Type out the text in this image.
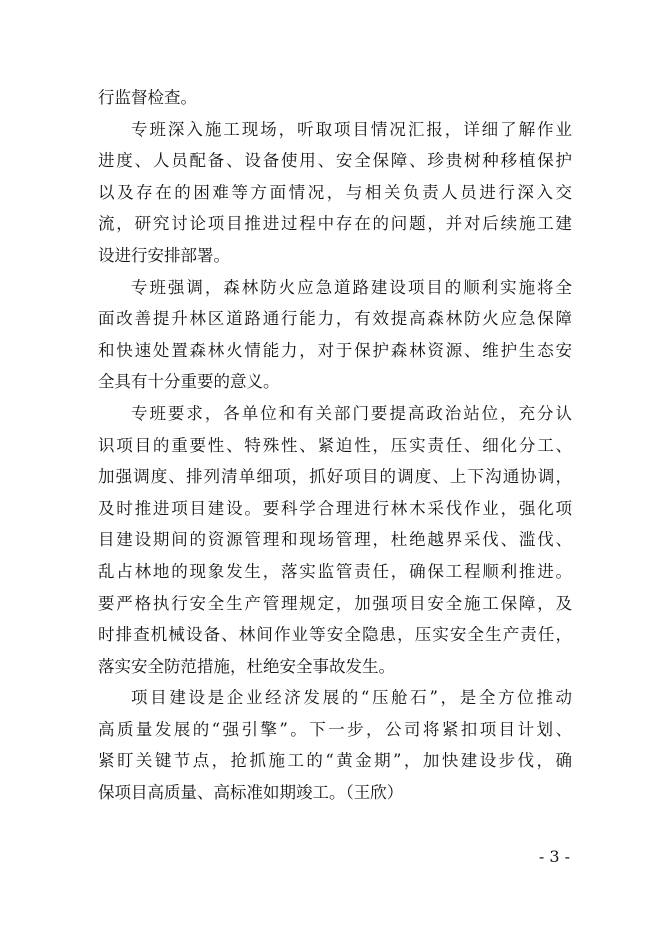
行监督检查。
专班深入施工现场，听取项目情况汇报，详细了解作业
进度、人员配备、设备使用、安全保障、珍贵树种移植保护
以及存在的困难等方面情况，与相关负责人员进行深入交
流，研究讨论项目推进过程中存在的问题，并对后续施工建
设进行安排部署。
专班强调，森林防火应急道路建设项目的顺利实施将全
面改善提升林区道路通行能力，有效提高森林防火应急保障
和快速处置森林火情能力，对于保护森林资源、维护生态安
全具有十分重要的意义。
专班要求，各单位和有关部门要提高政治站位，充分认
识项目的重要性、特殊性、紧迫性，压实责任、细化分工、
加强调度、排列清单细项，抓好项目的调度、上下沟通协调，
及时推进项目建设。要科学合理进行林木采伐作业，强化项
目建设期间的资源管理和现场管理，杜绝越界采伐、滥伐、
乱占林地的现象发生，落实监管责任，确保工程顺利推进。
要严格执行安全生产管理规定，加强项目安全施工保障，及
时排查机械设备、林间作业等安全隐患，压实安全生产责任，
落实安全防范措施，杜绝安全事故发生。
项目建设是企业经济发展的“压舱石”，是全方位推动
高质量发展的“强引擎”。下一步，公司将紧扣项目计划、
紧盯关键节点，抢抓施工的“黄金期”，加快建设步伐，确
保项目高质量、高标准如期竣工。（王欣）
- 3 -
